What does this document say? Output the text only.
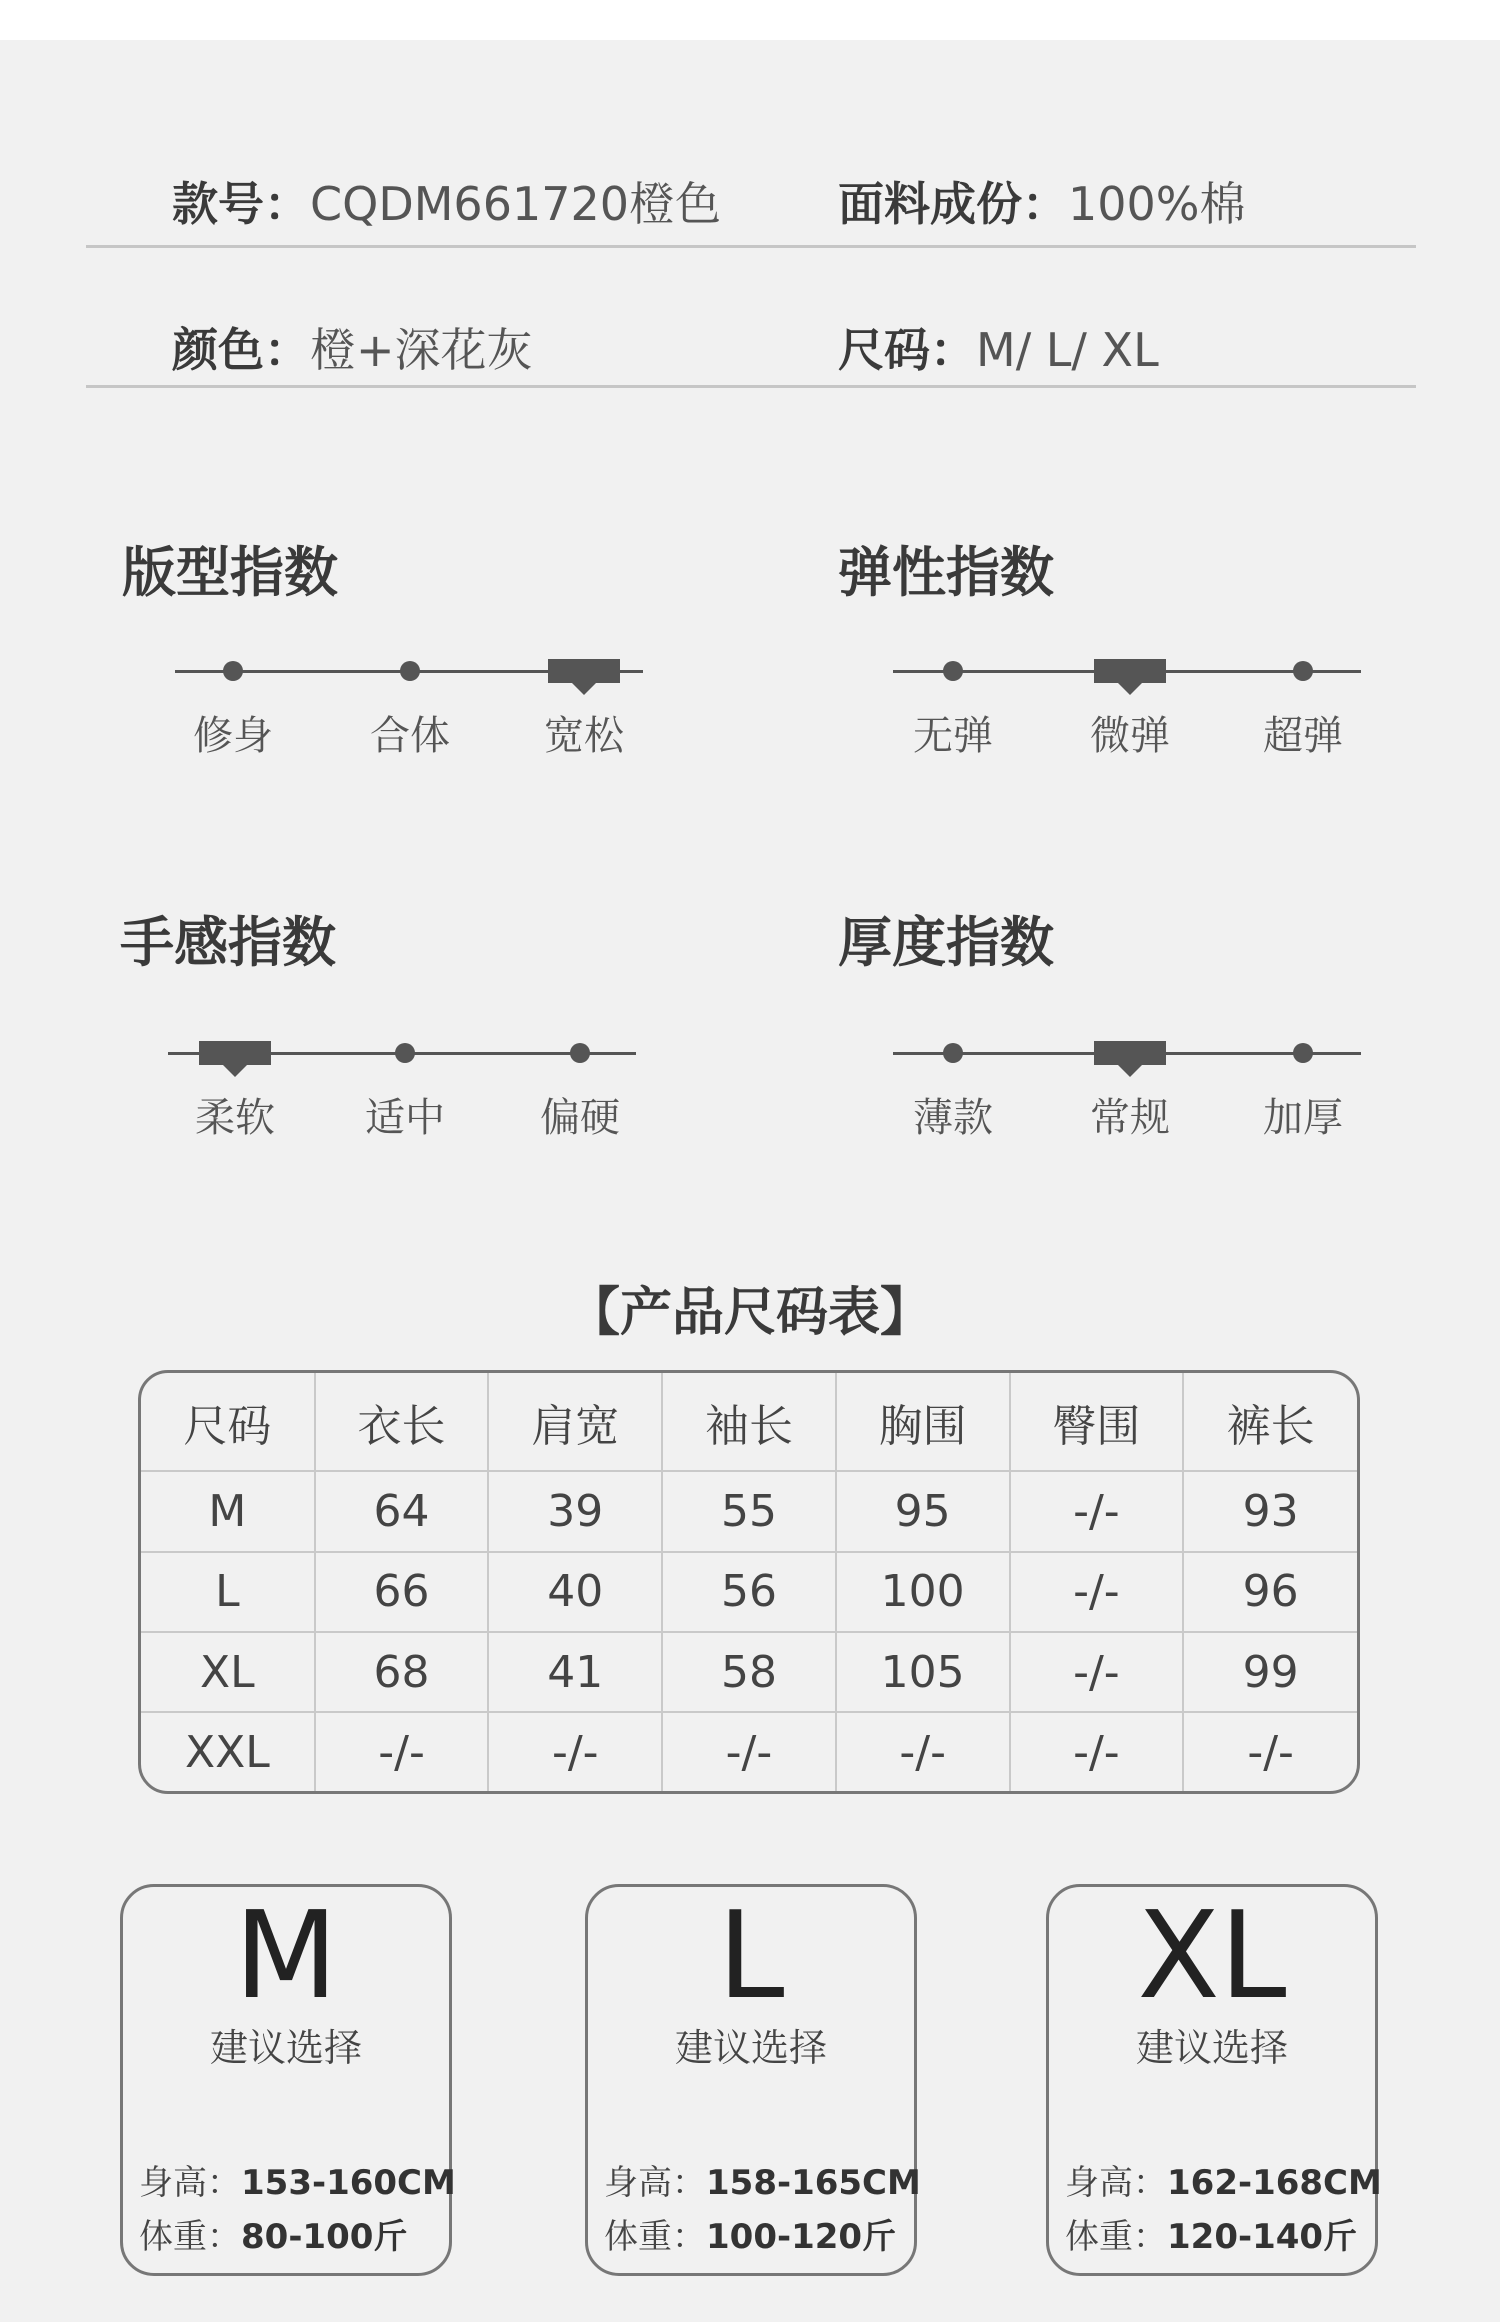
款号：CQDM661720橙色	面料成份：100%棉
颜色：橙+深花灰	尺码：M/ L/ XL
版型指数
修身	合体	宽松
弹性指数
无弹	微弹	超弹
手感指数
柔软	适中	偏硬
厚度指数
薄款	常规	加厚
【产品尺码表】
尺码	衣长	肩宽	袖长	胸围	臀围	裤长
M	64	39	55	95	-/-	93
L	66	40	56	100	-/-	96
XL	68	41	58	105	-/-	99
XXL	-/-	-/-	-/-	-/-	-/-	-/-
M
建议选择
身高：153-160CM
体重：80-100斤
L
建议选择
身高：158-165CM
体重：100-120斤
XL
建议选择
身高：162-168CM
体重：120-140斤
